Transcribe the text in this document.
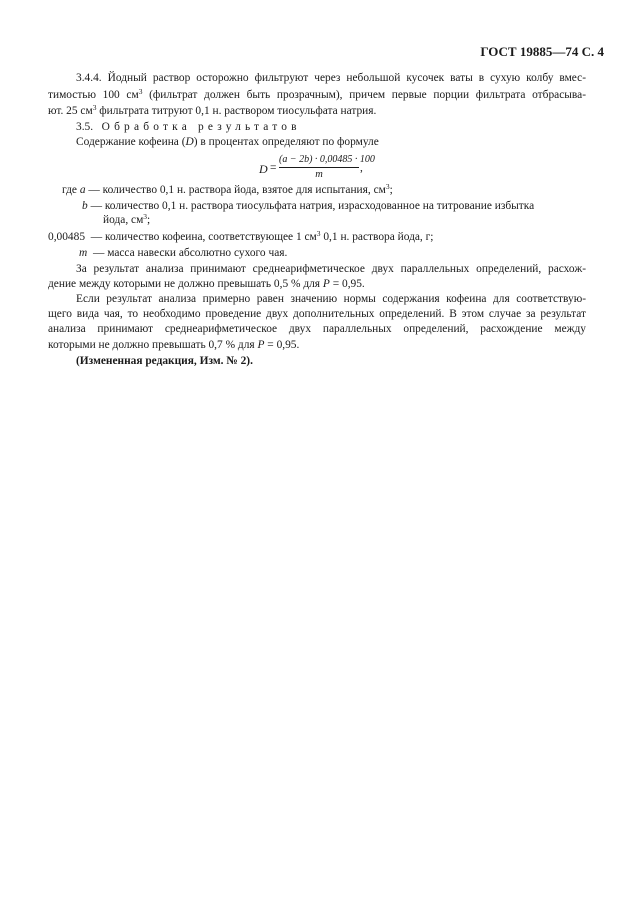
ГОСТ 19885—74 С. 4
3.4.4. Йодный раствор осторожно фильтруют через небольшой кусочек ваты в сухую колбу вмес-
тимостью 100 $см^3$ (фильтрат должен быть прозрачным), причем первые порции фильтрата отбрасыва-
ют. 25 $см^3$ фильтрата титруют 0,1 н. раствором тиосульфата натрия.
3.5. Обработка результатов
Содержание кофеина (D) в процентах определяют по формуле
D =
(a − 2b) · 0,00485 · 100
m
,
где a — количество 0,1 н. раствора йода, взятое для испытания, $см^3$;
b — количество 0,1 н. раствора тиосульфата натрия, израсходованное на титрование избытка
йода, $см^3$;
0,00485 — количество кофеина, соответствующее 1 $см^3$ 0,1 н. раствора йода, г;
m — масса навески абсолютно сухого чая.
За результат анализа принимают среднеарифметическое двух параллельных определений, расхож-
дение между которыми не должно превышать 0,5 % для P = 0,95.
Если результат анализа примерно равен значению нормы содержания кофеина для соответствую-
щего вида чая, то необходимо проведение двух дополнительных определений. В этом случае за результат
анализа принимают среднеарифметическое двух параллельных определений, расхождение между
которыми не должно превышать 0,7 % для P = 0,95.
(Измененная редакция, Изм. № 2).
